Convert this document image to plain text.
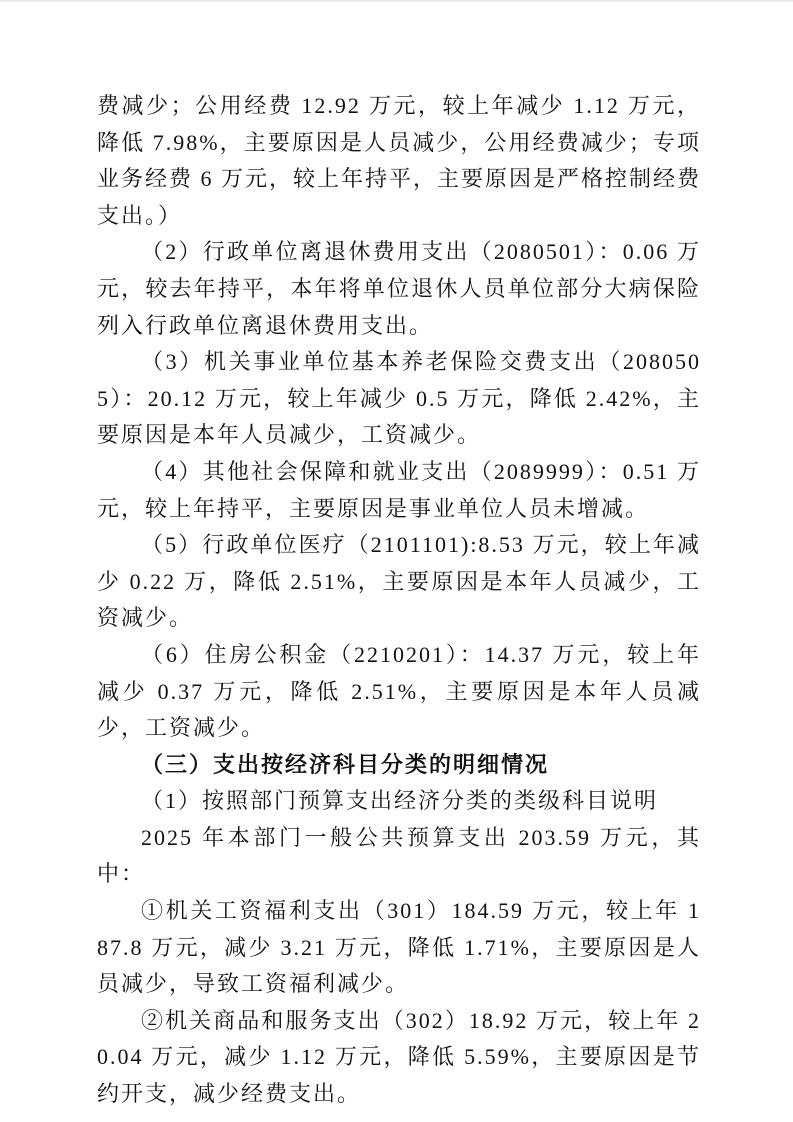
费减少；公用经费 12.92 万元，较上年减少 1.12 万元，降低 7.98%，主要原因是人员减少，公用经费减少；专项业务经费 6 万元，较上年持平，主要原因是严格控制经费支出。）

（2）行政单位离退休费用支出（2080501）：0.06 万元，较去年持平，本年将单位退休人员单位部分大病保险列入行政单位离退休费用支出。

（3）机关事业单位基本养老保险交费支出（2080505）：20.12 万元，较上年减少 0.5 万元，降低 2.42%，主要原因是本年人员减少，工资减少。

（4）其他社会保障和就业支出（2089999）：0.51 万元，较上年持平，主要原因是事业单位人员未增减。

（5）行政单位医疗（2101101):8.53 万元，较上年减少 0.22 万，降低 2.51%，主要原因是本年人员减少，工资减少。

（6）住房公积金（2210201）：14.37 万元，较上年减少 0.37 万元，降低 2.51%，主要原因是本年人员减少，工资减少。

（三）支出按经济科目分类的明细情况

（1）按照部门预算支出经济分类的类级科目说明

2025 年本部门一般公共预算支出 203.59 万元，其中：

①机关工资福利支出（301）184.59 万元，较上年 187.8 万元，减少 3.21 万元，降低 1.71%，主要原因是人员减少，导致工资福利减少。

②机关商品和服务支出（302）18.92 万元，较上年 20.04 万元，减少 1.12 万元，降低 5.59%，主要原因是节约开支，减少经费支出。
